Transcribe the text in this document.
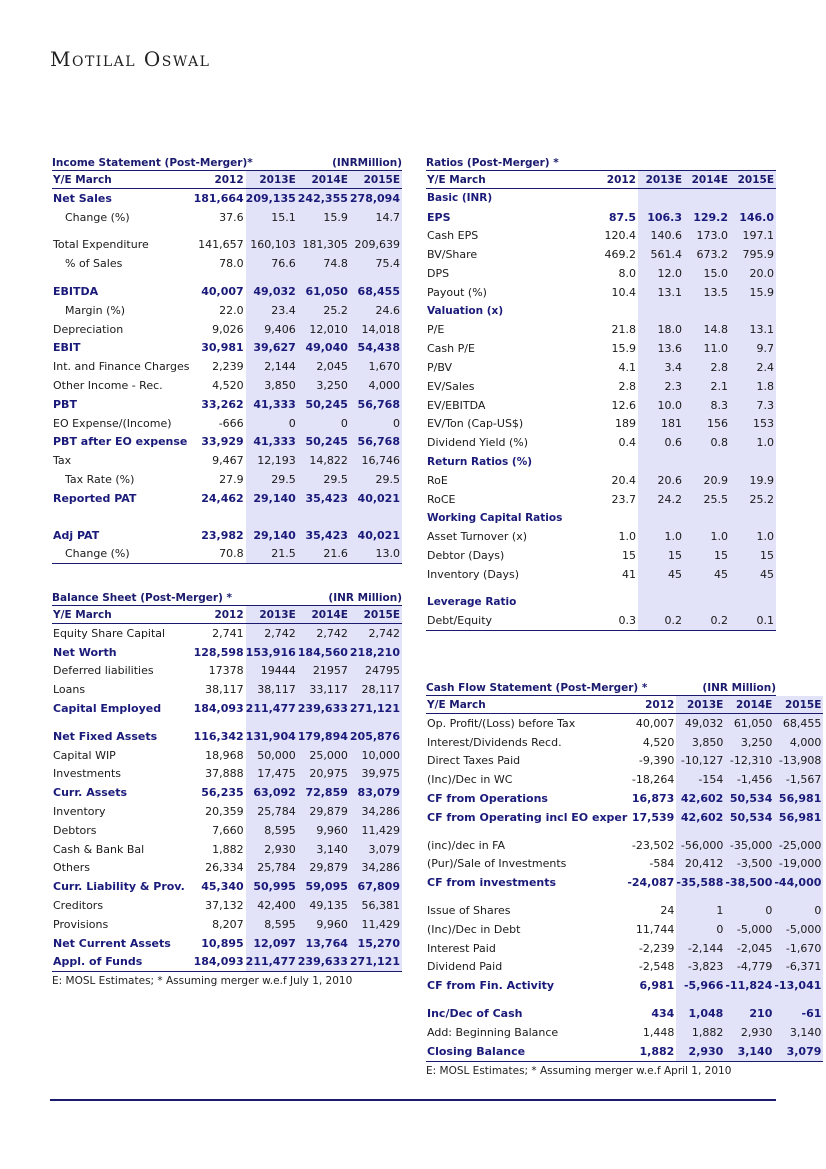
Motilal Oswal
Income Statement (Post-Merger)*	(INRMillion)
Y/E March	2012	2013E	2014E	2015E
Net Sales	181,664	209,135	242,355	278,094
Change (%)	37.6	15.1	15.9	14.7

Total Expenditure	141,657	160,103	181,305	209,639
% of Sales	78.0	76.6	74.8	75.4

EBITDA	40,007	49,032	61,050	68,455
Margin (%)	22.0	23.4	25.2	24.6
Depreciation	9,026	9,406	12,010	14,018
EBIT	30,981	39,627	49,040	54,438
Int. and Finance Charges	2,239	2,144	2,045	1,670
Other Income - Rec.	4,520	3,850	3,250	4,000
PBT	33,262	41,333	50,245	56,768
EO Expense/(Income)	-666	0	0	0
PBT after EO expense	33,929	41,333	50,245	56,768
Tax	9,467	12,193	14,822	16,746
Tax Rate (%)	27.9	29.5	29.5	29.5
Reported PAT	24,462	29,140	35,423	40,021

Adj PAT	23,982	29,140	35,423	40,021
Change (%)	70.8	21.5	21.6	13.0
Balance Sheet (Post-Merger) *	(INR Million)
Y/E March	2012	2013E	2014E	2015E
Equity Share Capital	2,741	2,742	2,742	2,742
Net Worth	128,598	153,916	184,560	218,210
Deferred liabilities	17378	19444	21957	24795
Loans	38,117	38,117	33,117	28,117
Capital Employed	184,093	211,477	239,633	271,121

Net Fixed Assets	116,342	131,904	179,894	205,876
Capital WIP	18,968	50,000	25,000	10,000
Investments	37,888	17,475	20,975	39,975
Curr. Assets	56,235	63,092	72,859	83,079
Inventory	20,359	25,784	29,879	34,286
Debtors	7,660	8,595	9,960	11,429
Cash & Bank Bal	1,882	2,930	3,140	3,079
Others	26,334	25,784	29,879	34,286
Curr. Liability & Prov.	45,340	50,995	59,095	67,809
Creditors	37,132	42,400	49,135	56,381
Provisions	8,207	8,595	9,960	11,429
Net Current Assets	10,895	12,097	13,764	15,270
Appl. of Funds	184,093	211,477	239,633	271,121
E: MOSL Estimates; * Assuming merger w.e.f July 1, 2010
Ratios (Post-Merger) *
Y/E March	2012	2013E	2014E	2015E
Basic (INR)				
EPS	87.5	106.3	129.2	146.0
Cash EPS	120.4	140.6	173.0	197.1
BV/Share	469.2	561.4	673.2	795.9
DPS	8.0	12.0	15.0	20.0
Payout (%)	10.4	13.1	13.5	15.9
Valuation (x)				
P/E	21.8	18.0	14.8	13.1
Cash P/E	15.9	13.6	11.0	9.7
P/BV	4.1	3.4	2.8	2.4
EV/Sales	2.8	2.3	2.1	1.8
EV/EBITDA	12.6	10.0	8.3	7.3
EV/Ton (Cap-US$)	189	181	156	153
Dividend Yield (%)	0.4	0.6	0.8	1.0
Return Ratios (%)				
RoE	20.4	20.6	20.9	19.9
RoCE	23.7	24.2	25.5	25.2
Working Capital Ratios				
Asset Turnover (x)	1.0	1.0	1.0	1.0
Debtor (Days)	15	15	15	15
Inventory (Days)	41	45	45	45

Leverage Ratio				
Debt/Equity	0.3	0.2	0.2	0.1
Cash Flow Statement (Post-Merger) *	(INR Million)
Y/E March	2012	2013E	2014E	2015E
Op. Profit/(Loss) before Tax	40,007	49,032	61,050	68,455
Interest/Dividends Recd.	4,520	3,850	3,250	4,000
Direct Taxes Paid	-9,390	-10,127	-12,310	-13,908
(Inc)/Dec in WC	-18,264	-154	-1,456	-1,567
CF from Operations	16,873	42,602	50,534	56,981
CF from Operating incl EO exper	17,539	42,602	50,534	56,981

(inc)/dec in FA	-23,502	-56,000	-35,000	-25,000
(Pur)/Sale of Investments	-584	20,412	-3,500	-19,000
CF from investments	-24,087	-35,588	-38,500	-44,000

Issue of Shares	24	1	0	0
(Inc)/Dec in Debt	11,744	0	-5,000	-5,000
Interest Paid	-2,239	-2,144	-2,045	-1,670
Dividend Paid	-2,548	-3,823	-4,779	-6,371
CF from Fin. Activity	6,981	-5,966	-11,824	-13,041

Inc/Dec of Cash	434	1,048	210	-61
Add: Beginning Balance	1,448	1,882	2,930	3,140
Closing Balance	1,882	2,930	3,140	3,079
E: MOSL Estimates; * Assuming merger w.e.f April 1, 2010
